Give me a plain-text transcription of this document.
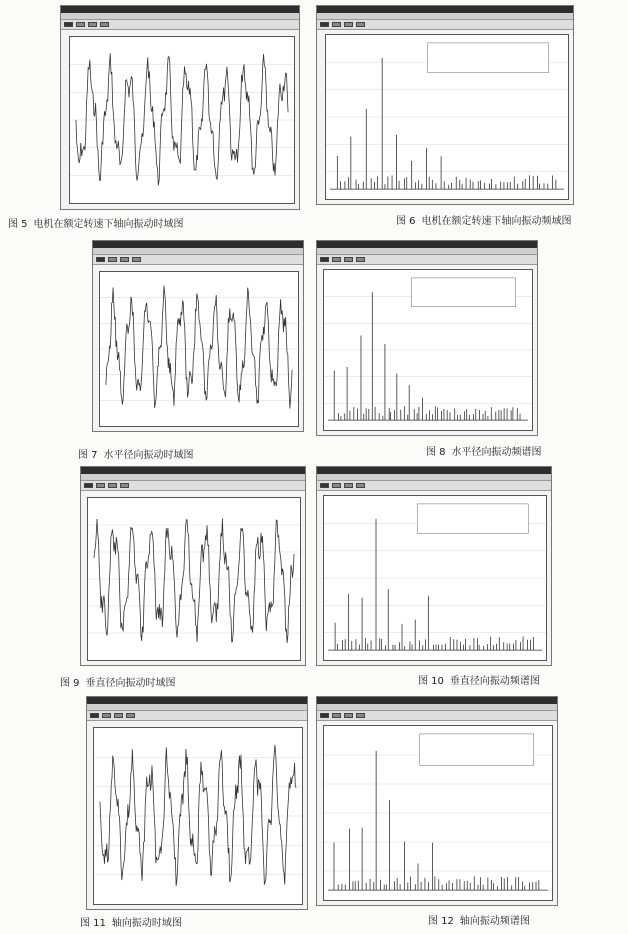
图 5 电机在额定转速下轴向振动时域图	图 6 电机在额定转速下轴向振动频域图
图 7 水平径向振动时域图	图 8 水平径向振动频谱图
图 9 垂直径向振动时域图	图 10 垂直径向振动频谱图
图 11 轴向振动时域图	图 12 轴向振动频谱图
